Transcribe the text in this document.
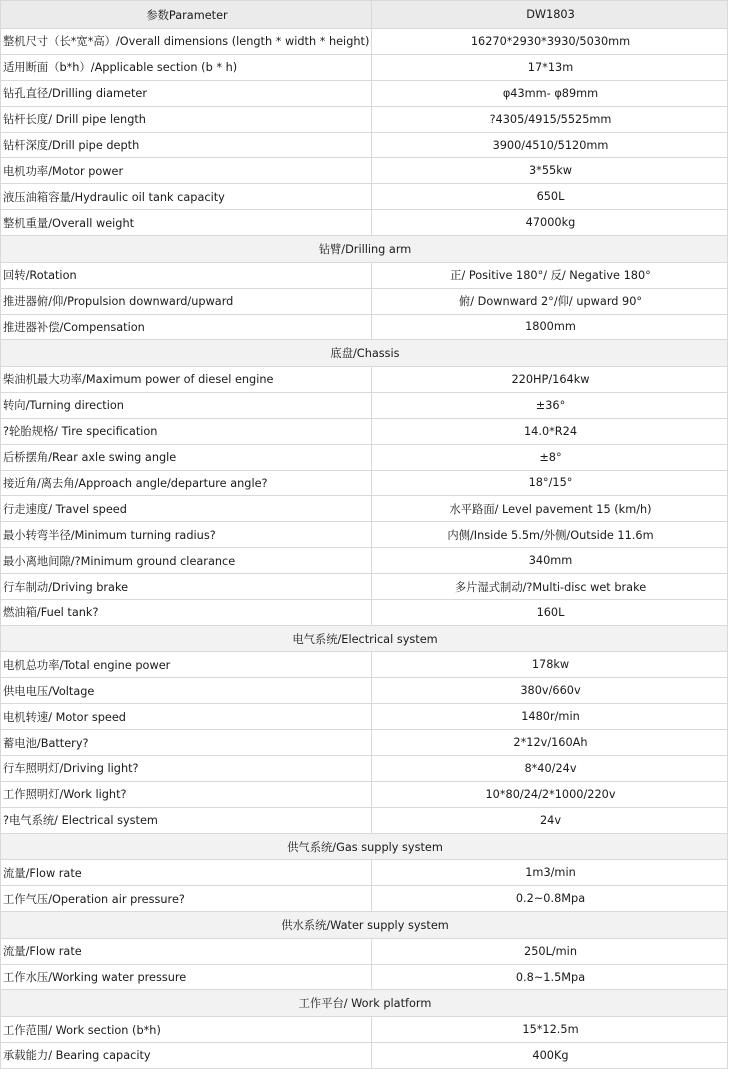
参数Parameter	DW1803
整机尺寸（长*宽*高）/Overall dimensions (length * width * height)	16270*2930*3930/5030mm
适用断面（b*h）/Applicable section (b * h)	17*13m
钻孔直径/Drilling diameter	φ43mm- φ89mm
钻杆长度/ Drill pipe length	?4305/4915/5525mm
钻杆深度/Drill pipe depth	3900/4510/5120mm
电机功率/Motor power	3*55kw
液压油箱容量/Hydraulic oil tank capacity	650L
整机重量/Overall weight	47000kg
钻臂/Drilling arm	
回转/Rotation	正/ Positive 180°/ 反/ Negative 180°
推进器俯/仰/Propulsion downward/upward	俯/ Downward 2°/仰/ upward 90°
推进器补偿/Compensation	1800mm
底盘/Chassis	
柴油机最大功率/Maximum power of diesel engine	220HP/164kw
转向/Turning direction	±36°
?轮胎规格/ Tire specification	14.0*R24
后桥摆角/Rear axle swing angle	±8°
接近角/离去角/Approach angle/departure angle?	18°/15°
行走速度/ Travel speed	水平路面/ Level pavement 15 (km/h)
最小转弯半径/Minimum turning radius?	内侧/Inside 5.5m/外侧/Outside 11.6m
最小离地间隙/?Minimum ground clearance	340mm
行车制动/Driving brake	多片湿式制动/?Multi-disc wet brake
燃油箱/Fuel tank?	160L
电气系统/Electrical system	
电机总功率/Total engine power	178kw
供电电压/Voltage	380v/660v
电机转速/ Motor speed	1480r/min
蓄电池/Battery?	2*12v/160Ah
行车照明灯/Driving light?	8*40/24v
工作照明灯/Work light?	10*80/24/2*1000/220v
?电气系统/ Electrical system	24v
供气系统/Gas supply system	
流量/Flow rate	1m3/min
工作气压/Operation air pressure?	0.2~0.8Mpa
供水系统/Water supply system	
流量/Flow rate	250L/min
工作水压/Working water pressure	0.8~1.5Mpa
工作平台/ Work platform	
工作范围/ Work section (b*h)	15*12.5m
承载能力/ Bearing capacity	400Kg
